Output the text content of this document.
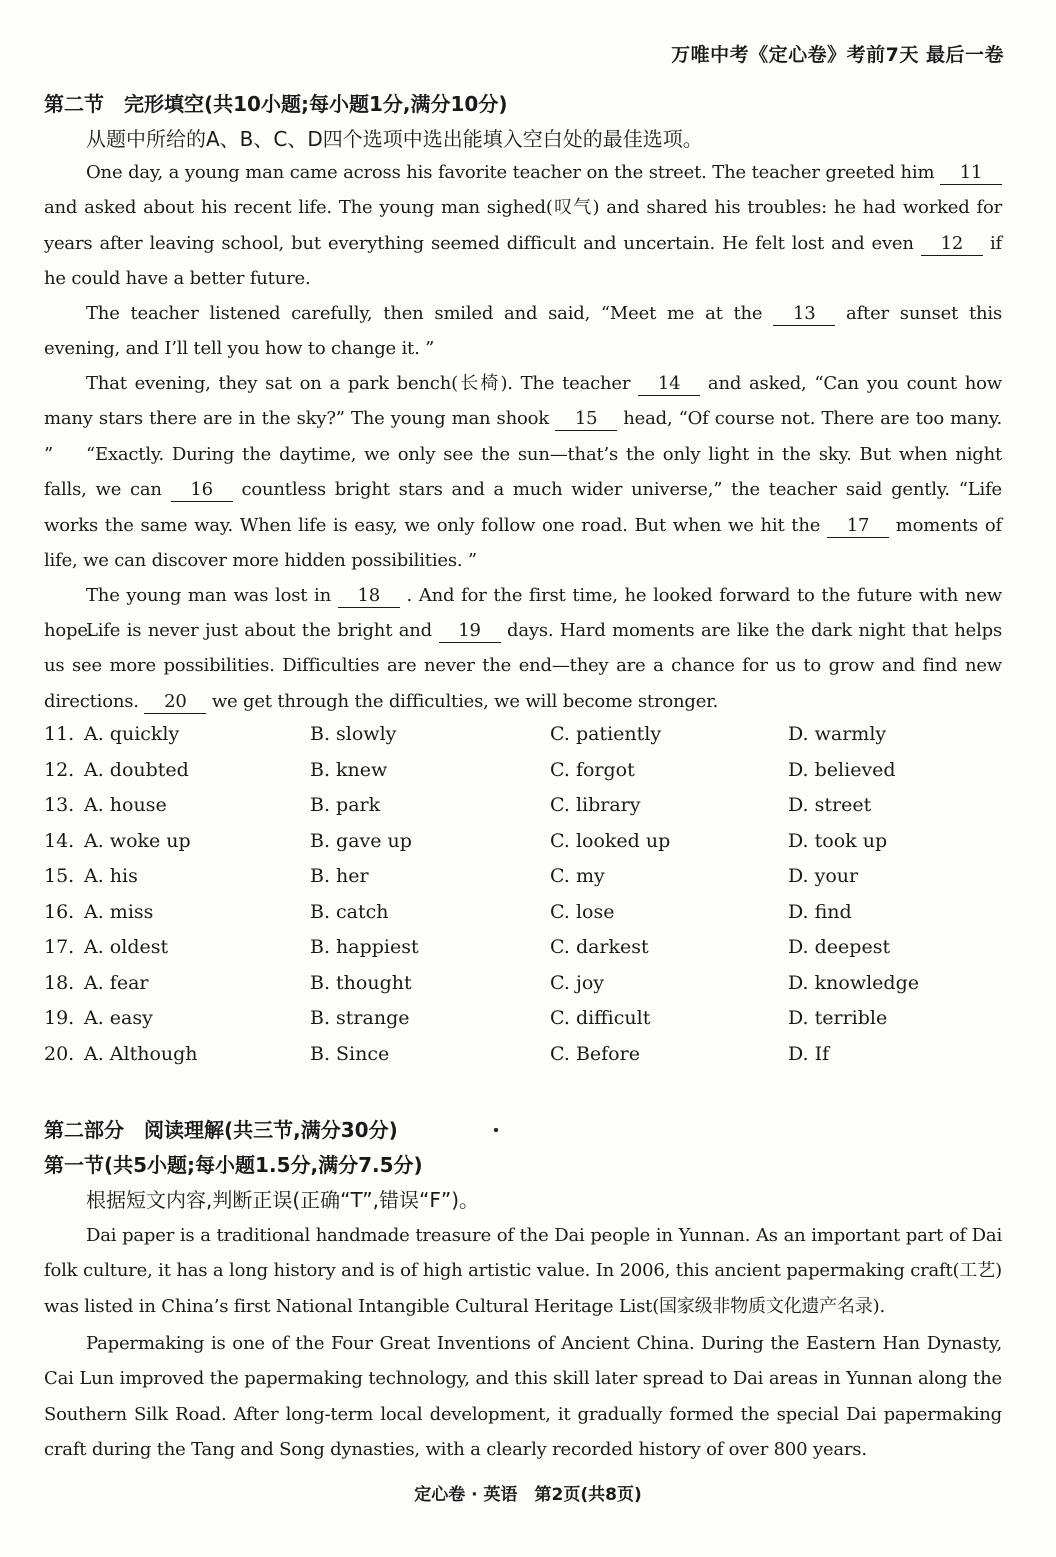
万唯中考《定心卷》考前7天 最后一卷
第二节　完形填空(共10小题;每小题1分,满分10分)
从题中所给的A、B、C、D四个选项中选出能填入空白处的最佳选项。

One day, a young man came across his favorite teacher on the street. The teacher greeted him 11 and asked about his recent life. The young man sighed(叹气) and shared his troubles: he had worked for years after leaving school, but everything seemed difficult and uncertain. He felt lost and even 12 if he could have a better future.

The teacher listened carefully, then smiled and said, “Meet me at the 13 after sunset this evening, and I’ll tell you how to change it. ”

That evening, they sat on a park bench(长椅). The teacher 14 and asked, “Can you count how many stars there are in the sky?” The young man shook 15 head, “Of course not. There are too many. ”	“Exactly. During the daytime, we only see the sun—that’s the only light in the sky. But when night falls, we can 16 countless bright stars and a much wider universe,” the teacher said gently. “Life works the same way. When life is easy, we only follow one road. But when we hit the 17 moments of life, we can discover more hidden possibilities. ”

The young man was lost in 18 . And for the first time, he looked forward to the future with new hope.

Life is never just about the bright and 19 days. Hard moments are like the dark night that helps us see more possibilities. Difficulties are never the end—they are a chance for us to grow and find new directions. 20 we get through the difficulties, we will become stronger.

11. A. quickly	B. slowly	C. patiently	D. warmly
12. A. doubted	B. knew	C. forgot	D. believed
13. A. house	B. park	C. library	D. street
14. A. woke up	B. gave up	C. looked up	D. took up
15. A. his	B. her	C. my	D. your
16. A. miss	B. catch	C. lose	D. find
17. A. oldest	B. happiest	C. darkest	D. deepest
18. A. fear	B. thought	C. joy	D. knowledge
19. A. easy	B. strange	C. difficult	D. terrible
20. A. Although	B. Since	C. Before	D. If
第二部分　阅读理解(共三节,满分30分)
第一节(共5小题;每小题1.5分,满分7.5分)
根据短文内容,判断正误(正确“T”,错误“F”)。

Dai paper is a traditional handmade treasure of the Dai people in Yunnan. As an important part of Dai folk culture, it has a long history and is of high artistic value. In 2006, this ancient papermaking craft(工艺) was listed in China’s first National Intangible Cultural Heritage List(国家级非物质文化遗产名录).

Papermaking is one of the Four Great Inventions of Ancient China. During the Eastern Han Dynasty, Cai Lun improved the papermaking technology, and this skill later spread to Dai areas in Yunnan along the Southern Silk Road. After long-term local development, it gradually formed the special Dai papermaking craft during the Tang and Song dynasties, with a clearly recorded history of over 800 years.

定心卷 · 英语　第2页(共8页)
